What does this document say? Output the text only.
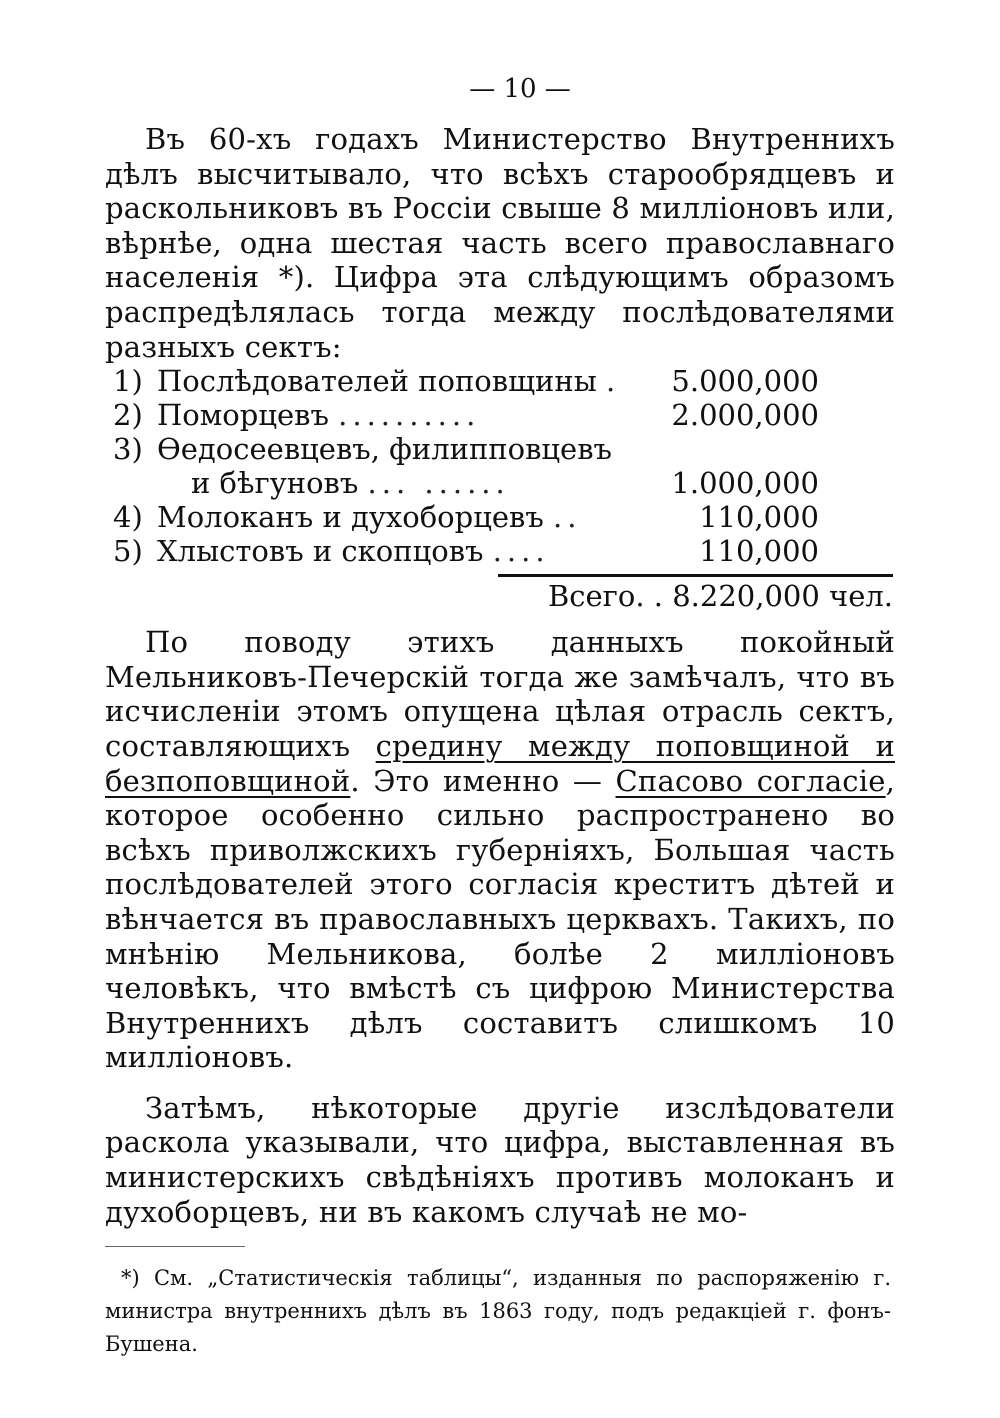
— 10 —

Въ 60-хъ годахъ Министерство Внутреннихъ дѣлъ высчитывало, что всѣхъ старообрядцевъ и раскольниковъ въ Россiи свыше 8 миллiоновъ или, вѣрнѣе, одна шестая часть всего православнаго населенiя *). Цифра эта слѣдующимъ образомъ распредѣлялась тогда между послѣдователями разныхъ сектъ:

1)	Послѣдователей поповщины .	5.000,000
2)	Поморцевъ ..........	2.000,000
3)	Өедосеевцевъ, филипповцевъ	
	и бѣгуновъ ... ......	1.000,000
4)	Молоканъ и духоборцевъ ..	110,000
5)	Хлыстовъ и скопцовъ ....	110,000
Всего. . 8.220,000 чел.

По поводу этихъ данныхъ покойный Мельниковъ-Печерскiй тогда же замѣчалъ, что въ исчисленiи этомъ опущена цѣлая отрасль сектъ, составляющихъ средину между поповщиной и безпоповщиной. Это именно — Спасово согласiе, которое особенно сильно распространено во всѣхъ приволжскихъ губернiяхъ, Большая часть послѣдователей этого согласiя креститъ дѣтей и вѣнчается въ православныхъ церквахъ. Такихъ, по мнѣнiю Мельникова, болѣе 2 миллiоновъ человѣкъ, что вмѣстѣ съ цифрою Министерства Внутреннихъ дѣлъ составитъ слишкомъ 10 миллiоновъ.

Затѣмъ, нѣкоторые другiе изслѣдователи раскола указывали, что цифра, выставленная въ министерскихъ свѣдѣнiяхъ противъ молоканъ и духоборцевъ, ни въ какомъ случаѣ не мо-

*) См. „Статистическiя таблицы“, изданныя по распоряженiю г. министра внутреннихъ дѣлъ въ 1863 году, подъ редакцiей г. фонъ-Бушена.
